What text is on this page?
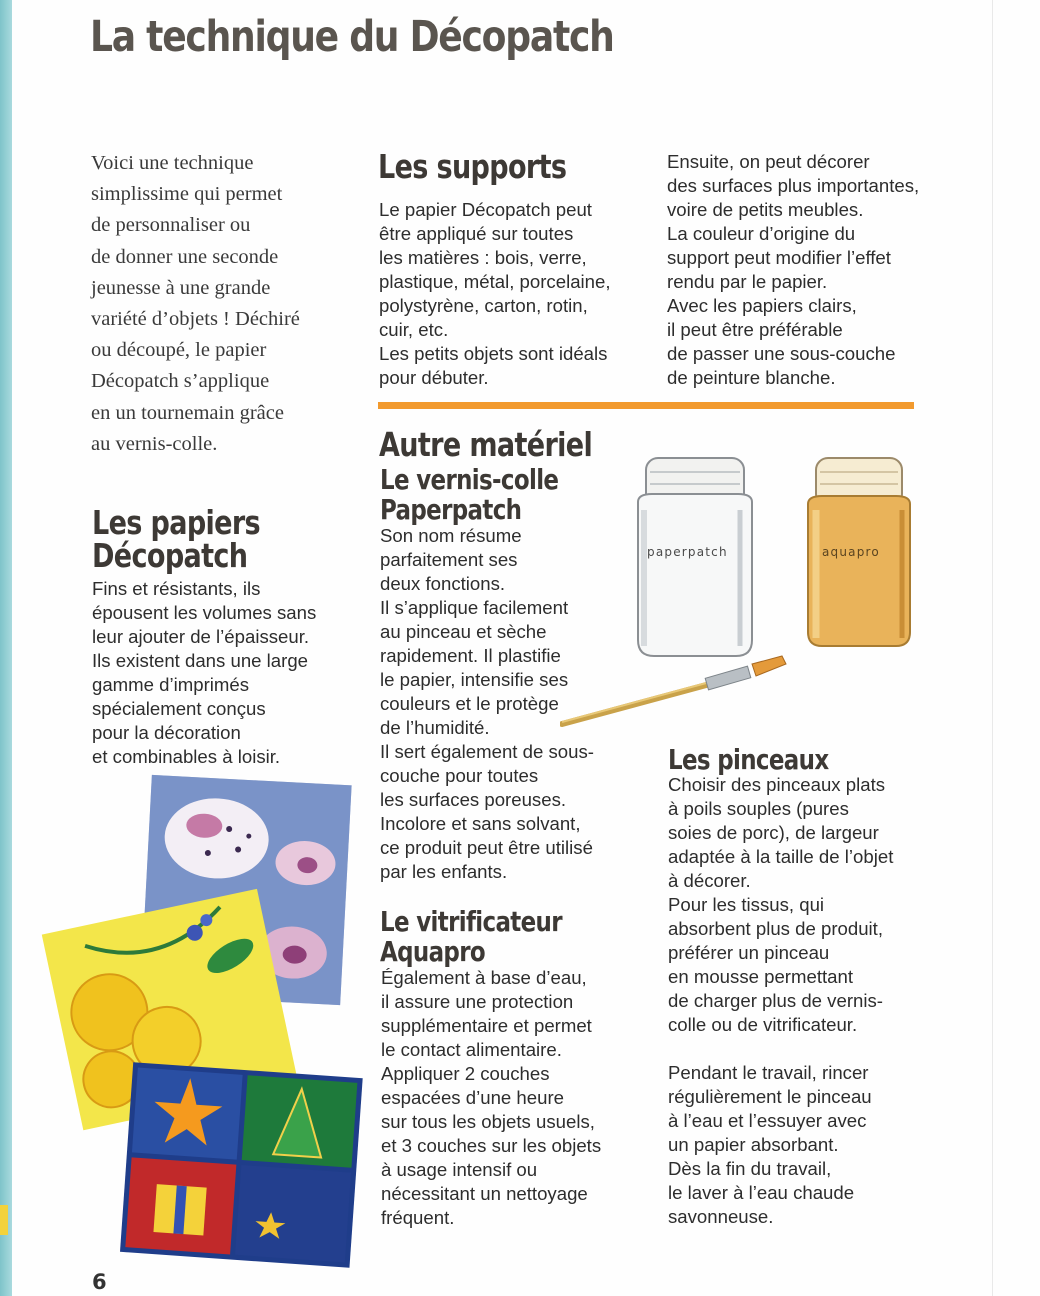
La technique du Décopatch

Voici une technique
simplissime qui permet
de personnaliser ou
de donner une seconde
jeunesse à une grande
variété d’objets ! Déchiré
ou découpé, le papier
Décopatch s’applique
en un tournemain grâce
au vernis-colle.

Les papiers
Décopatch

Fins et résistants, ils
épousent les volumes sans
leur ajouter de l’épaisseur.
Ils existent dans une large
gamme d’imprimés
spécialement conçus
pour la décoration
et combinables à loisir.

Les supports

Le papier Décopatch peut
être appliqué sur toutes
les matières : bois, verre,
plastique, métal, porcelaine,
polystyrène, carton, rotin,
cuir, etc.
Les petits objets sont idéals
pour débuter.

Ensuite, on peut décorer
des surfaces plus importantes,
voire de petits meubles.
La couleur d’origine du
support peut modifier l’effet
rendu par le papier.
Avec les papiers clairs,
il peut être préférable
de passer une sous-couche
de peinture blanche.

Autre matériel
Le vernis-colle
Paperpatch

Son nom résume
parfaitement ses
deux fonctions.
Il s’applique facilement
au pinceau et sèche
rapidement. Il plastifie
le papier, intensifie ses
couleurs et le protège
de l’humidité.
Il sert également de sous-
couche pour toutes
les surfaces poreuses.
Incolore et sans solvant,
ce produit peut être utilisé
par les enfants.

Le vitrificateur
Aquapro

Également à base d’eau,
il assure une protection
supplémentaire et permet
le contact alimentaire.
Appliquer 2 couches
espacées d’une heure
sur tous les objets usuels,
et 3 couches sur les objets
à usage intensif ou
nécessitant un nettoyage
fréquent.

Les pinceaux

Choisir des pinceaux plats
à poils souples (pures
soies de porc), de largeur
adaptée à la taille de l’objet
à décorer.
Pour les tissus, qui
absorbent plus de produit,
préférer un pinceau
en mousse permettant
de charger plus de vernis-
colle ou de vitrificateur.

Pendant le travail, rincer
régulièrement le pinceau
à l’eau et l’essuyer avec
un papier absorbant.
Dès la fin du travail,
le laver à l’eau chaude
savonneuse.

paperpatch	aquapro
6
